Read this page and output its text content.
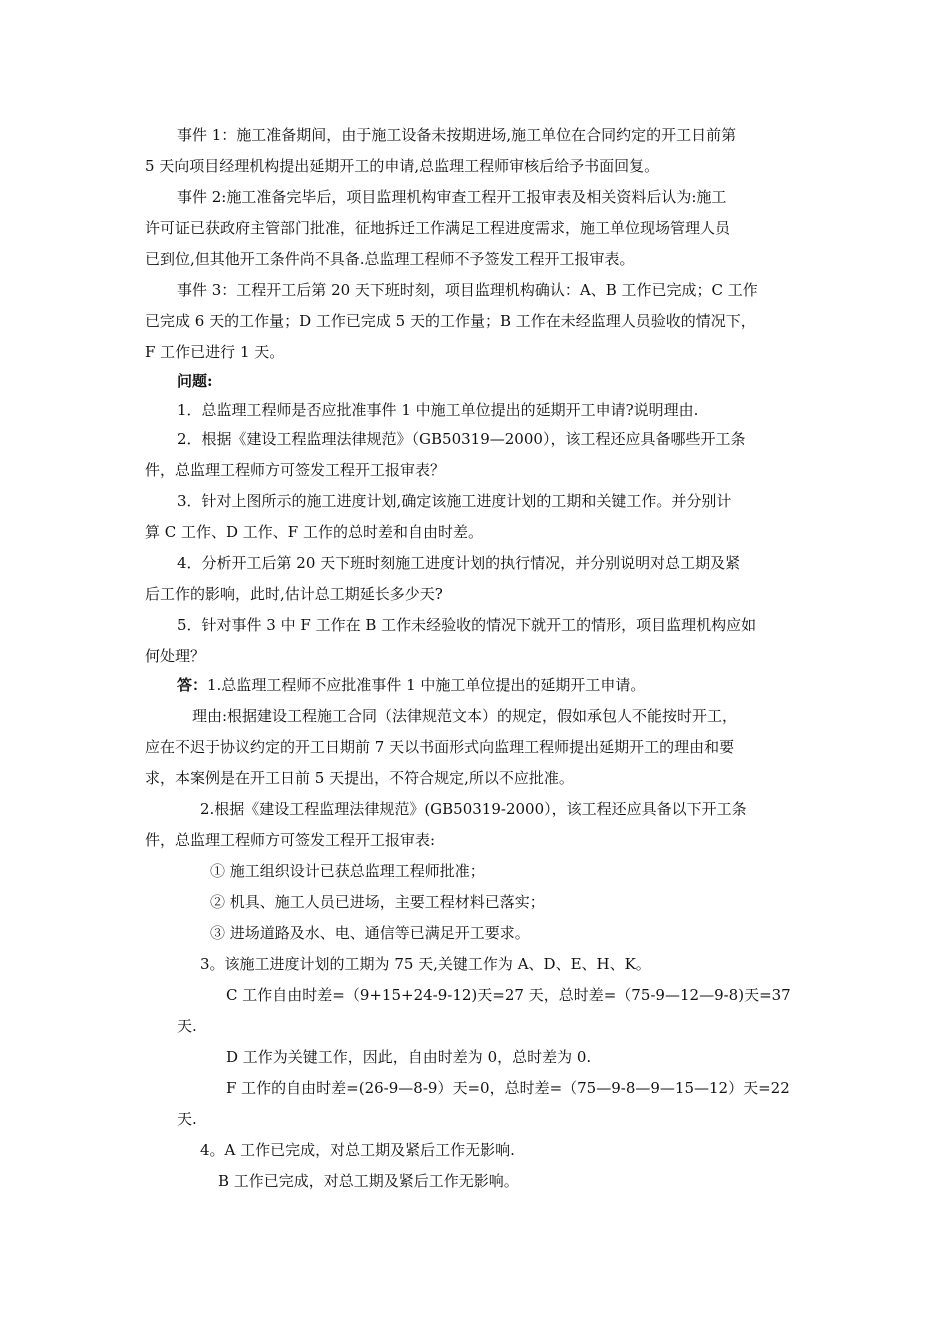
事件 1：施工准备期间，由于施工设备未按期进场,施工单位在合同约定的开工日前第
5 天向项目经理机构提出延期开工的申请,总监理工程师审核后给予书面回复。
事件 2:施工准备完毕后，项目监理机构审查工程开工报审表及相关资料后认为:施工
许可证已获政府主管部门批准，征地拆迁工作满足工程进度需求，施工单位现场管理人员
已到位,但其他开工条件尚不具备.总监理工程师不予签发工程开工报审表。
事件 3：工程开工后第 20 天下班时刻，项目监理机构确认：A、B 工作已完成；C 工作
已完成 6 天的工作量；D 工作已完成 5 天的工作量；B 工作在未经监理人员验收的情况下，
F 工作已进行 1 天。
问题:
1．总监理工程师是否应批准事件 1 中施工单位提出的延期开工申请?说明理由.
2．根据《建设工程监理法律规范》（GB50319—2000），该工程还应具备哪些开工条
件，总监理工程师方可签发工程开工报审表？
3．针对上图所示的施工进度计划,确定该施工进度计划的工期和关键工作。并分别计
算 C 工作、D 工作、F 工作的总时差和自由时差。
4．分析开工后第 20 天下班时刻施工进度计划的执行情况，并分别说明对总工期及紧
后工作的影响，此时,估计总工期延长多少天?
5．针对事件 3 中 F 工作在 B 工作未经验收的情况下就开工的情形，项目监理机构应如
何处理？
答：1.总监理工程师不应批准事件 1 中施工单位提出的延期开工申请。
理由:根据建设工程施工合同（法律规范文本）的规定，假如承包人不能按时开工，
应在不迟于协议约定的开工日期前 7 天以书面形式向监理工程师提出延期开工的理由和要
求，本案例是在开工日前 5 天提出，不符合规定,所以不应批准。
2.根据《建设工程监理法律规范》(GB50319-2000），该工程还应具备以下开工条
件，总监理工程师方可签发工程开工报审表:
① 施工组织设计已获总监理工程师批准；
② 机具、施工人员已进场，主要工程材料已落实；
③ 进场道路及水、电、通信等已满足开工要求。
3。该施工进度计划的工期为 75 天,关键工作为 A、D、E、H、K。
C 工作自由时差=（9+15+24-9-12)天=27 天，总时差=（75-9—12—9-8)天=37
天.
D 工作为关键工作，因此，自由时差为 0，总时差为 0.
F 工作的自由时差=(26-9—8-9）天=0，总时差=（75—9-8—9—15—12）天=22
天.
4。A 工作已完成，对总工期及紧后工作无影响.
B 工作已完成，对总工期及紧后工作无影响。
